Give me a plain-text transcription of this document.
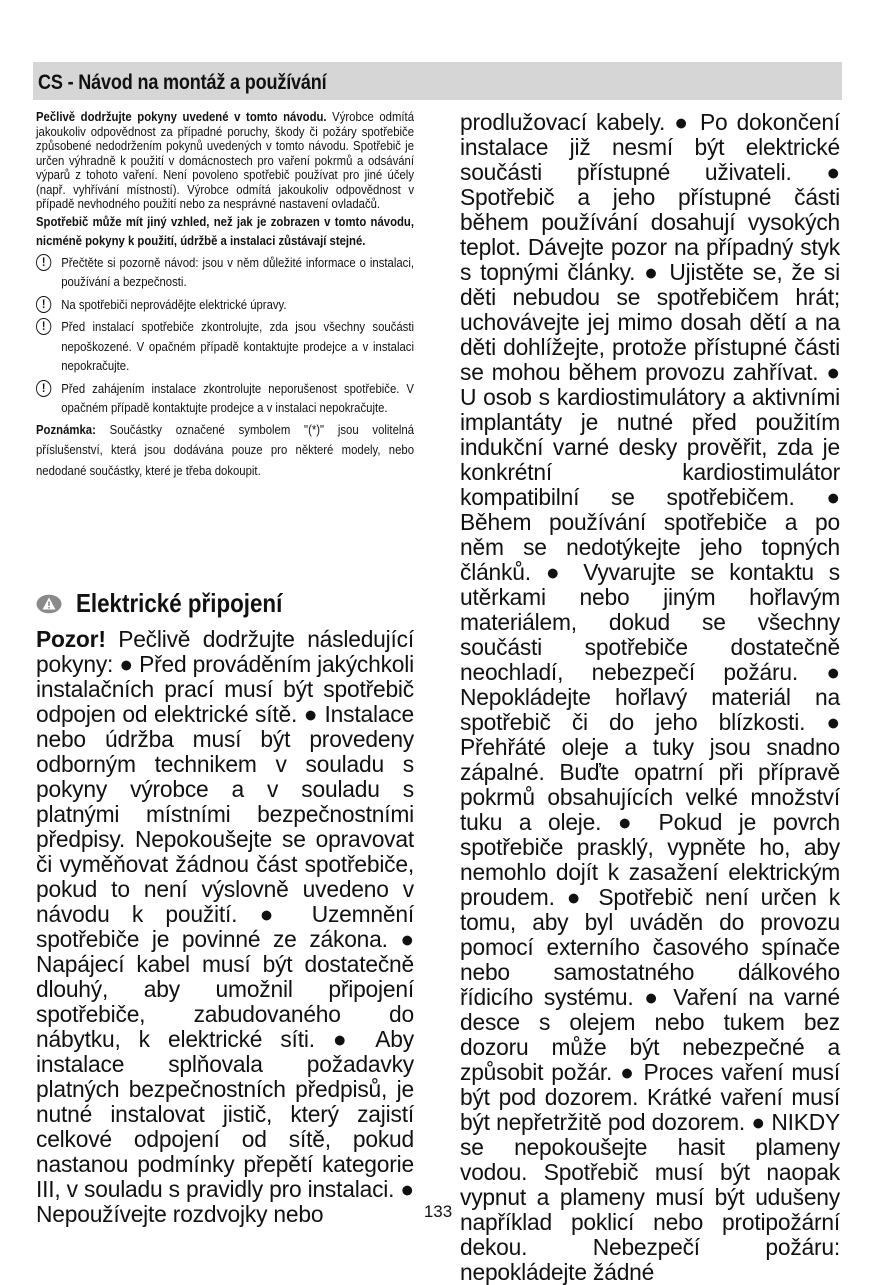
CS - Návod na montáž a používání

Pečlivě dodržujte pokyny uvedené v tomto návodu. Výrobce odmítá jakoukoliv odpovědnost za případné poruchy, škody či požáry spotřebiče způsobené nedodržením pokynů uvedených v tomto návodu. Spotřebič je určen výhradně k použití v domácnostech pro vaření pokrmů a odsávání výparů z tohoto vaření. Není povoleno spotřebič používat pro jiné účely (např. vyhřívání místností). Výrobce odmítá jakoukoliv odpovědnost v případě nevhodného použití nebo za nesprávné nastavení ovladačů.

Spotřebič může mít jiný vzhled, než jak je zobrazen v tomto návodu, nicméně pokyny k použití, údržbě a instalaci zůstávají stejné.

!	Přečtěte si pozorně návod: jsou v něm důležité informace o instalaci, používání a bezpečnosti.
!	Na spotřebiči neprovádějte elektrické úpravy.
!	Před instalací spotřebiče zkontrolujte, zda jsou všechny součásti nepoškozené. V opačném případě kontaktujte prodejce a v instalaci nepokračujte.
!	Před zahájením instalace zkontrolujte neporušenost spotřebiče. V opačném případě kontaktujte prodejce a v instalaci nepokračujte.

Poznámka: Součástky označené symbolem "(*)" jsou volitelná příslušenství, která jsou dodávána pouze pro některé modely, nebo nedodané součástky, které je třeba dokoupit.

Elektrické připojení

Pozor! Pečlivě dodržujte následující pokyny: ● Před prováděním jakýchkoli instalačních prací musí být spotřebič odpojen od elektrické sítě. ● Instalace nebo údržba musí být provedeny odborným technikem v souladu s pokyny výrobce a v souladu s platnými místními bezpečnostními předpisy. Nepokoušejte se opravovat či vyměňovat žádnou část spotřebiče, pokud to není výslovně uvedeno v návodu k použití. ● Uzemnění spotřebiče je povinné ze zákona. ● Napájecí kabel musí být dostatečně dlouhý, aby umožnil připojení spotřebiče, zabudovaného do nábytku, k elektrické síti. ● Aby instalace splňovala požadavky platných bezpečnostních předpisů, je nutné instalovat jistič, který zajistí celkové odpojení od sítě, pokud nastanou podmínky přepětí kategorie III, v souladu s pravidly pro instalaci. ● Nepoužívejte rozdvojky nebo

prodlužovací kabely. ● Po dokončení instalace již nesmí být elektrické součásti přístupné uživateli. ● Spotřebič a jeho přístupné části během používání dosahují vysokých teplot. Dávejte pozor na případný styk s topnými články. ● Ujistěte se, že si děti nebudou se spotřebičem hrát; uchovávejte jej mimo dosah dětí a na děti dohlížejte, protože přístupné části se mohou během provozu zahřívat. ● U osob s kardiostimulátory a aktivními implantáty je nutné před použitím indukční varné desky prověřit, zda je konkrétní kardiostimulátor kompatibilní se spotřebičem. ● Během používání spotřebiče a po něm se nedotýkejte jeho topných článků. ● Vyvarujte se kontaktu s utěrkami nebo jiným hořlavým materiálem, dokud se všechny součásti spotřebiče dostatečně neochladí, nebezpečí požáru. ● Nepokládejte hořlavý materiál na spotřebič či do jeho blízkosti. ● Přehřáté oleje a tuky jsou snadno zápalné. Buďte opatrní při přípravě pokrmů obsahujících velké množství tuku a oleje. ● Pokud je povrch spotřebiče prasklý, vypněte ho, aby nemohlo dojít k zasažení elektrickým proudem. ● Spotřebič není určen k tomu, aby byl uváděn do provozu pomocí externího časového spínače nebo samostatného dálkového řídicího systému. ● Vaření na varné desce s olejem nebo tukem bez dozoru může být nebezpečné a způsobit požár. ● Proces vaření musí být pod dozorem. Krátké vaření musí být nepřetržitě pod dozorem. ● NIKDY se nepokoušejte hasit plameny vodou. Spotřebič musí být naopak vypnut a plameny musí být udušeny například poklicí nebo protipožární dekou. Nebezpečí požáru: nepokládejte žádné

133
